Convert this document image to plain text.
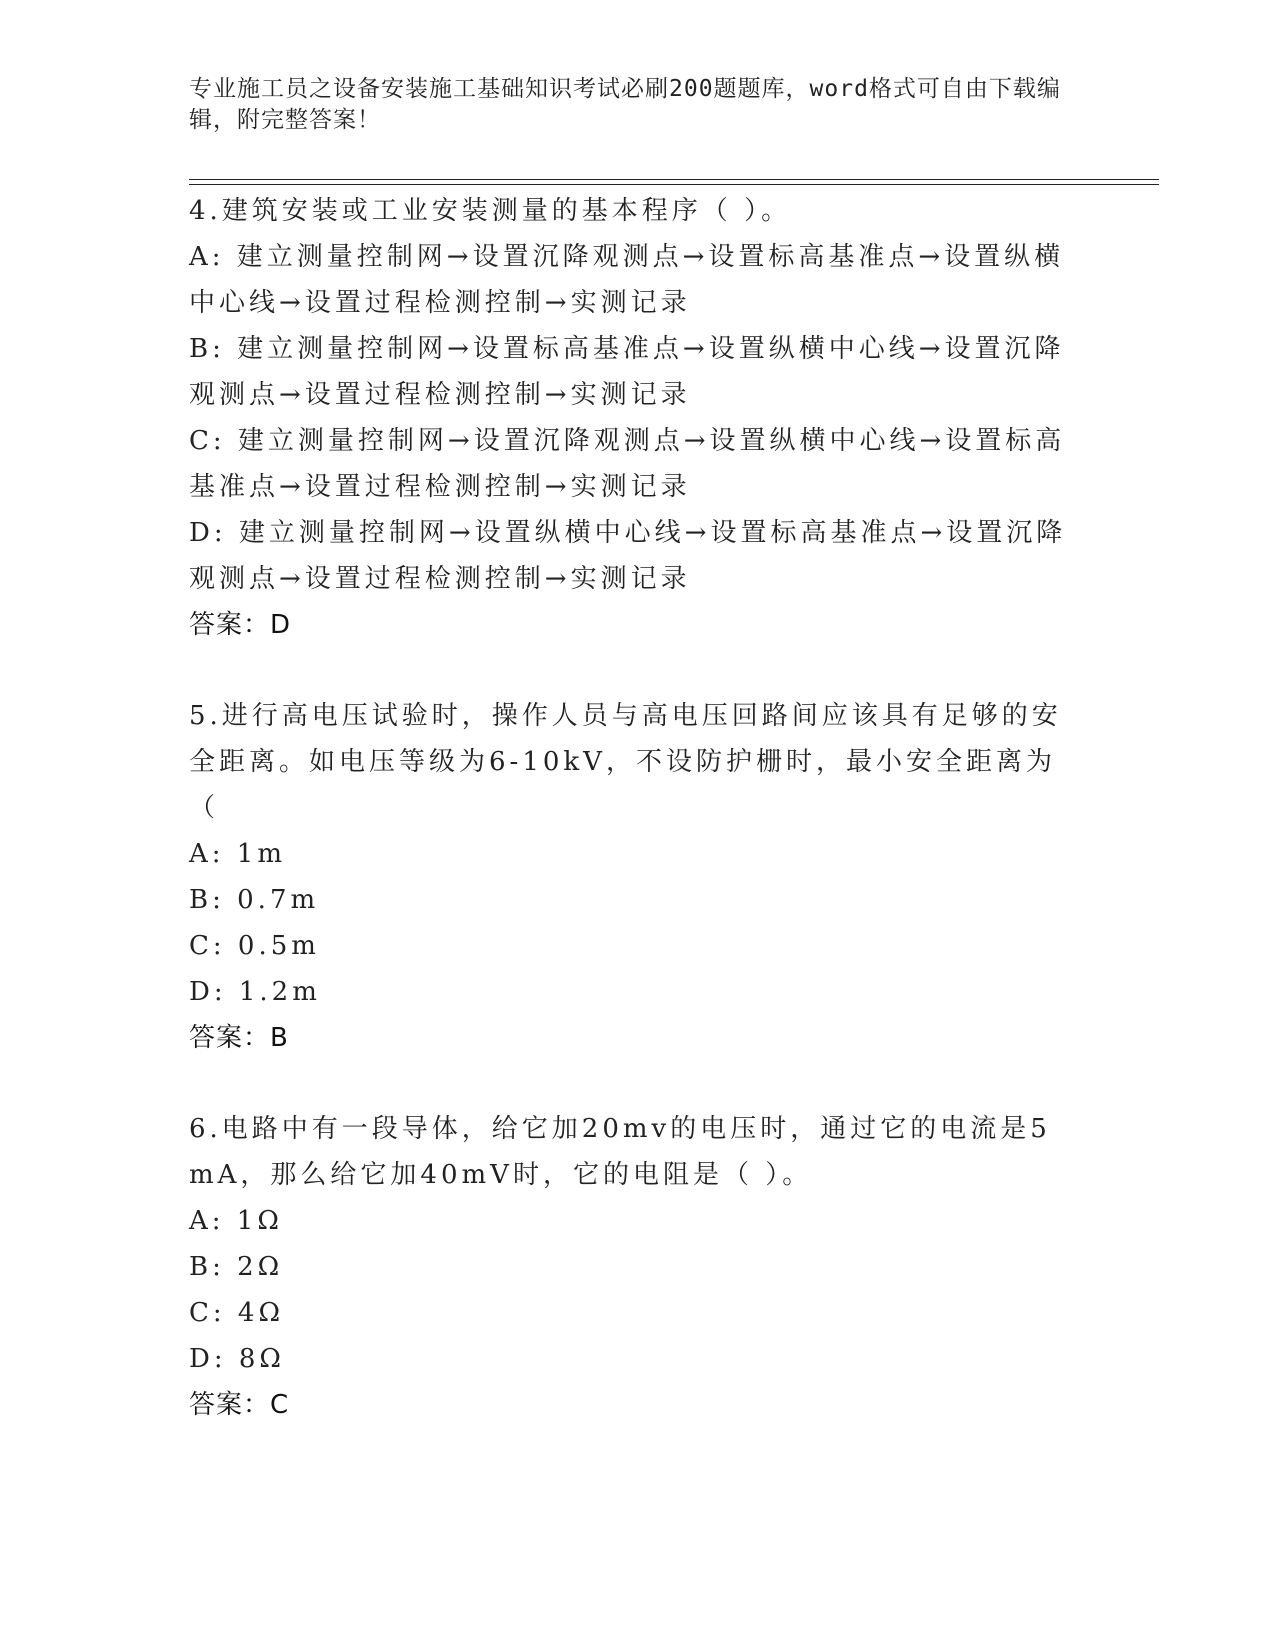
专业施工员之设备安装施工基础知识考试必刷200题题库，word格式可自由下载编辑，附完整答案！
4.建筑安装或工业安装测量的基本程序（ ）。
A: 建立测量控制网→设置沉降观测点→设置标高基准点→设置纵横中心线→设置过程检测控制→实测记录
B: 建立测量控制网→设置标高基准点→设置纵横中心线→设置沉降观测点→设置过程检测控制→实测记录
C: 建立测量控制网→设置沉降观测点→设置纵横中心线→设置标高基准点→设置过程检测控制→实测记录
D: 建立测量控制网→设置纵横中心线→设置标高基准点→设置沉降观测点→设置过程检测控制→实测记录
答案：D
5.进行高电压试验时，操作人员与高电压回路间应该具有足够的安全距离。如电压等级为6-10kV，不设防护栅时，最小安全距离为（
A: 1m
B: 0.7m
C: 0.5m
D: 1.2m
答案：B
6.电路中有一段导体，给它加20mv的电压时，通过它的电流是5mA，那么给它加40mV时，它的电阻是（ ）。
A: 1Ω
B: 2Ω
C: 4Ω
D: 8Ω
答案：C
